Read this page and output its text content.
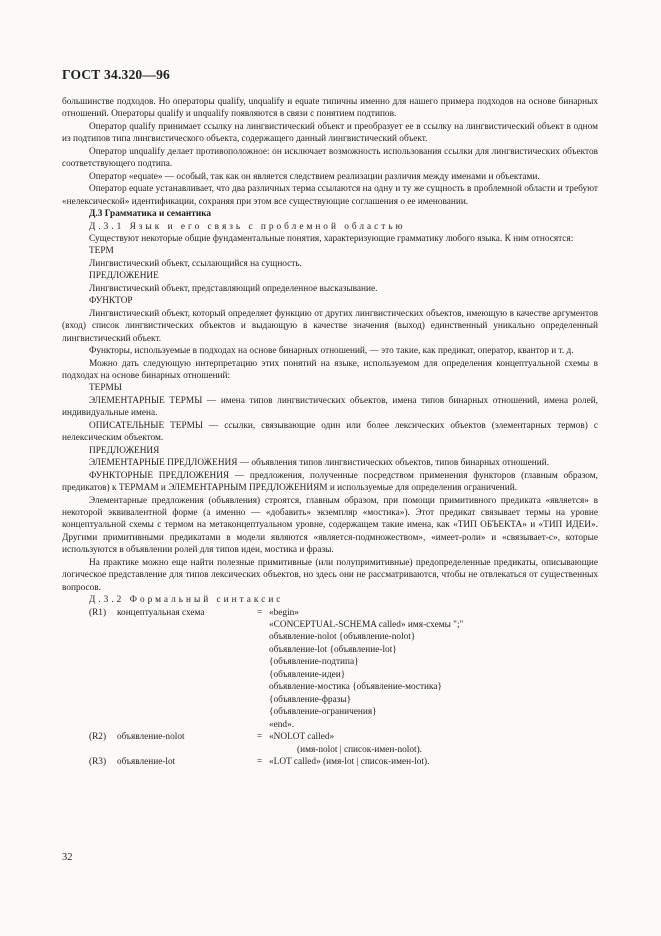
ГОСТ 34.320—96

большинстве подходов. Но операторы qualify, unqualify и equate типичны именно для нашего примера подходов на основе бинарных отношений. Операторы qualify и unqualify появляются в связи с понятием подтипов.

Оператор qualify принимает ссылку на лингвистический объект и преобразует ее в ссылку на лингвистический объект в одном из подтипов типа лингвистического объекта, содержащего данный лингвистический объект.

Оператор unqualify делает противоположное: он исключает возможность использования ссылки для лингвистических объектов соответствующего подтипа.

Оператор «equate» — особый, так как он является следствием реализации различия между именами и объектами.

Оператор equate устанавливает, что два различных терма ссылаются на одну и ту же сущность в проблемной области и требуют «нелексической» идентификации, сохраняя при этом все существующие соглашения о ее именовании.

Д.3 Грамматика и семантика

Д.3.1 Язык и его связь с проблемной областью

Существуют некоторые общие фундаментальные понятия, характеризующие грамматику любого языка. К ним относятся:

ТЕРМ

Лингвистический объект, ссылающийся на сущность.

ПРЕДЛОЖЕНИЕ

Лингвистический объект, представляющий определенное высказывание.

ФУНКТОР

Лингвистический объект, который определяет функцию от других лингвистических объектов, имеющую в качестве аргументов (вход) список лингвистических объектов и выдающую в качестве значения (выход) единственный уникально определенный лингвистический объект.

Функторы, используемые в подходах на основе бинарных отношений, — это такие, как предикат, оператор, квантор и т. д.

Можно дать следующую интерпретацию этих понятий на языке, используемом для определения концептуальной схемы в подходах на основе бинарных отношений:

ТЕРМЫ

ЭЛЕМЕНТАРНЫЕ ТЕРМЫ — имена типов лингвистических объектов, имена типов бинарных отношений, имена ролей, индивидуальные имена.

ОПИСАТЕЛЬНЫЕ ТЕРМЫ — ссылки, связывающие один или более лексических объектов (элементарных термов) с нелексическим объектом.

ПРЕДЛОЖЕНИЯ

ЭЛЕМЕНТАРНЫЕ ПРЕДЛОЖЕНИЯ — объявления типов лингвистических объектов, типов бинарных отношений.

ФУНКТОРНЫЕ ПРЕДЛОЖЕНИЯ — предложения, полученные посредством применения функторов (главным образом, предикатов) к ТЕРМАМ и ЭЛЕМЕНТАРНЫМ ПРЕДЛОЖЕНИЯМ и используемые для определения ограничений.

Элементарные предложения (объявления) строятся, главным образом, при помощи примитивного предиката «является» в некоторой эквивалентной форме (а именно — «добавить» экземпляр «мостика»). Этот предикат связывает термы на уровне концептуальной схемы с термом на метаконцептуальном уровне, содержащем такие имена, как «ТИП ОБЪЕКТА» и «ТИП ИДЕИ». Другими примитивными предикатами в модели являются «является-подмножеством», «имеет-роли» и «связывает-с», которые используются в объявлении ролей для типов идеи, мостика и фразы.

На практике можно еще найти полезные примитивные (или полупримитивные) предопределенные предикаты, описывающие логическое представление для типов лексических объектов, но здесь они не рассматриваются, чтобы не отвлекаться от существенных вопросов.

Д.3.2 Формальный синтаксис

(R1)	концептуальная схема	= «begin»
«CONCEPTUAL-SCHEMA called» имя-схемы ";"
объявление-nolot {объявление-nolot}
объявление-lot {объявление-lot}
{объявление-подтипа}
{объявление-идеи}
объявление-мостика {объявление-мостика}
{объявление-фразы}
{объявление-ограничения}
«end».
(R2)	объявление-nolot	= «NOLOT called»
(имя-nolot | список-имен-nolot).
(R3)	объявление-lot	= «LOT called» (имя-lot | список-имен-lot).
32
